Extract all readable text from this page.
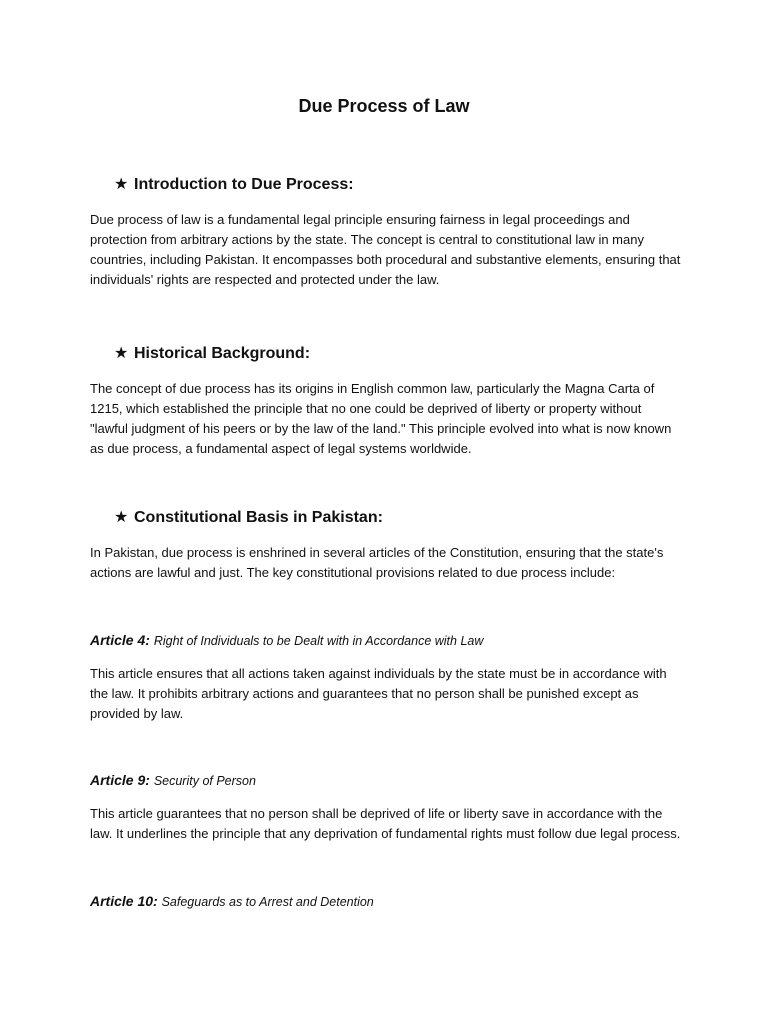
Due Process of Law
★ Introduction to Due Process:

Due process of law is a fundamental legal principle ensuring fairness in legal proceedings and protection from arbitrary actions by the state. The concept is central to constitutional law in many countries, including Pakistan. It encompasses both procedural and substantive elements, ensuring that individuals' rights are respected and protected under the law.

★ Historical Background:

The concept of due process has its origins in English common law, particularly the Magna Carta of 1215, which established the principle that no one could be deprived of liberty or property without "lawful judgment of his peers or by the law of the land." This principle evolved into what is now known as due process, a fundamental aspect of legal systems worldwide.

★ Constitutional Basis in Pakistan:

In Pakistan, due process is enshrined in several articles of the Constitution, ensuring that the state's actions are lawful and just. The key constitutional provisions related to due process include:

Article 4: Right of Individuals to be Dealt with in Accordance with Law

This article ensures that all actions taken against individuals by the state must be in accordance with the law. It prohibits arbitrary actions and guarantees that no person shall be punished except as provided by law.

Article 9: Security of Person

This article guarantees that no person shall be deprived of life or liberty save in accordance with the law. It underlines the principle that any deprivation of fundamental rights must follow due legal process.

Article 10: Safeguards as to Arrest and Detention
